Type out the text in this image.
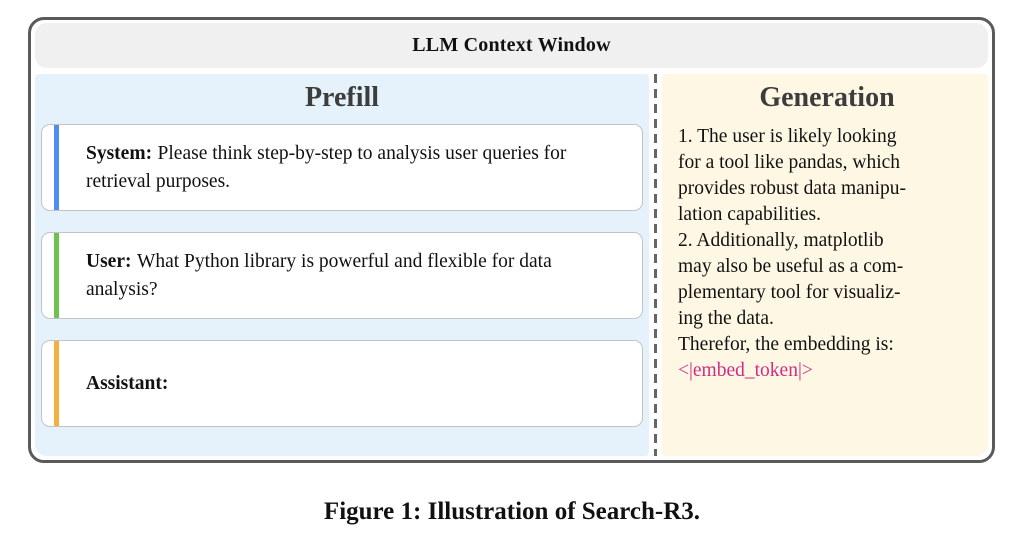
LLM Context Window
Prefill
System: Please think step-by-step to analysis user queries for retrieval purposes.
User: What Python library is powerful and flexible for data analysis?
Assistant:
Generation
1. The user is likely looking
for a tool like pandas, which
provides robust data manipu-
lation capabilities.
2. Additionally, matplotlib
may also be useful as a com-
plementary tool for visualiz-
ing the data.
Therefor, the embedding is:
<|embed_token|>
Figure 1: Illustration of Search-R3.
